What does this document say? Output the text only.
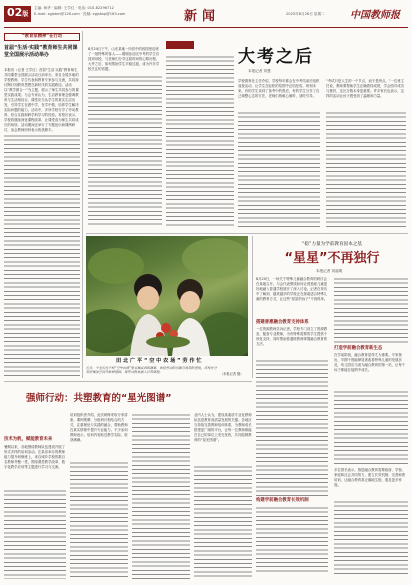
02版
主编: 柯华 · 编辑: 王学红 · 电话: 010-82296712
E-mail: zgjsbm@126.com · 投稿: zgjsbsp@163.com	新闻	2025年8月26日 星期二	中国教师报
“教育家精神”在行动
首届“生活·实践”教育师生共同课堂全国展示活动举办
本报讯（记者 王学红）首届“生活·实践”教育师生共同课堂全国展示活动日前举办，来自全国多地的学校教师、学生代表和教育专家参与交流，共同探讨陶行知教育思想在新时代的实践路径。活动以“教学做合一”为主题，展示了师生共同参与的课堂实践成果。与会专家认为，生活教育理念强调教育与生活相结合，课堂应当从学生的真实生活出发，引导学生在做中学、在学中做，培养学生解决实际问题的能力。活动中，多所学校分享了劳动教育、综合实践和跨学科学习的经验。有校长表示，学校将继续深化课程改革，让课堂成为师生共同成长的场所。活动期间还举行了专题论坛和课例研讨，参会教师纷纷表示收获颇丰。
大考之后
本报记者 刘慧
8月24日下午，山东某地一所初中的校园里迎来了一批特殊的客人——刚刚参加完中考的学生们回到母校，与老师们分享这段时间的心路历程。大考之后，如何帮助学生平稳过渡，成为许多学校关注的话题。
学校德育处主任介绍，学校每年都会在中考结束后组织返校活动，让学生在轻松的氛围中总结经验、规划未来。有的学生谈到了备考中的焦虑，有的学生分享了自己调整心态的方法，老师们则耐心倾听、适时引导。
“考试只是人生的一个节点，而不是终点。”一位班主任说，教师要帮助学生正确看待成绩，学会面对成功与挫折，这比分数本身更重要。许多家长也表示，这样的活动让孩子感受到了温暖和力量。
田 北 广 平 “ 空 中 农 场 ” 劳 作 忙
近日，学生们在学校“空中农场”里采摘成熟的蔬果，体验劳动的乐趣与收获的喜悦。该校充分利用楼顶空间开辟种植园，将劳动教育融入日常课程。	（本报记者 摄）
“稳”力量为学前教育固本之基
“星星”不再独行
本报记者 刘福明
8月20日，一场关于特殊儿童融合教育的研讨会在某地召开。与会代表围绕如何让孤独症儿童更好地融入普通学校展开了深入讨论。记者在采访中了解到，越来越多的学校正在探索适合特殊儿童的教育方式，让这些“星星的孩子”不再孤单。
搭建普惠融合教育支持体系
一位资源教师告诉记者，学校专门设立了资源教室，配备专业教师，为有特殊需要的学生提供个别化支持，同时帮助普通班教师掌握融合教育的方法。
打造学前融合教育新生态
在学前阶段，融合教育显得尤为重要。专家指出，早期干预能够显著改善特殊儿童的发展状况，幼儿园应当成为融合教育的第一站，让每个孩子都能在接纳中成长。
构建学前融合教育长效机制
多位园长表示，推进融合教育需要政府、学校、家庭和社会共同努力，建立长效机制，完善师资培训，让融合教育真正落地生根，惠及更多家庭。
强师行动：共塑教育的“星光图谱”
技术为帆，赋能教育未来
暑期以来，各地围绕教师队伍建设开展了形式多样的培训活动。在某省举办的教师能力提升研修班上，来自城乡学校的数百名教师齐聚一堂，围绕课堂教学改革、数字化教学应用等主题进行学习与交流。
培训组织者介绍，此次研修采取专家讲座、课例观摩、分组研讨相结合的方式，注重理论与实践的融合，帮助教师在真实情境中提升专业能力。不少参训教师表示，培训内容贴近教学实际，收获满满。
业内人士认为，建设高素质专业化教师队伍是教育高质量发展的关键。各地应当持续完善教师培训体系，为教师成长搭建更广阔的平台，让每一位教师都能在自己的岗位上发光发热，共同绘制教育的“星光图谱”。
